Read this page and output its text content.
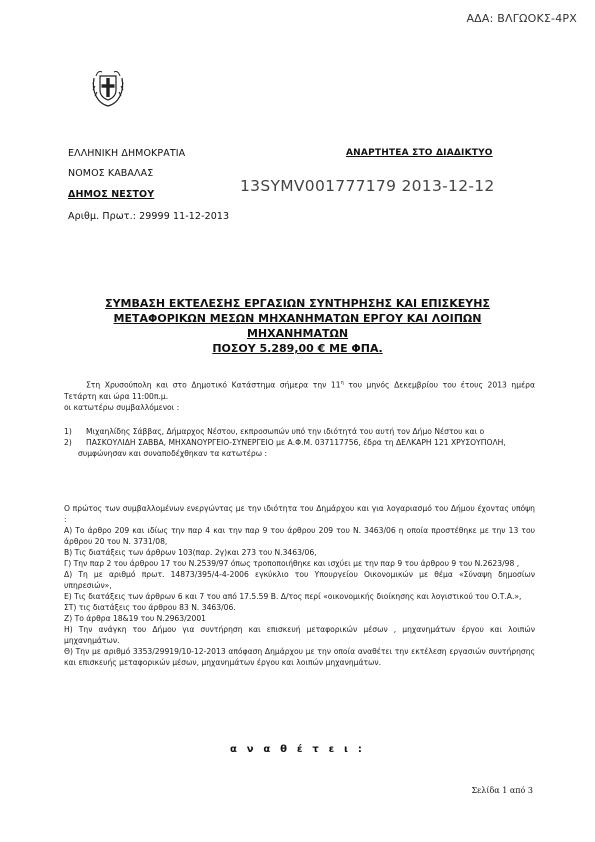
ΑΔΑ: ΒΛΓΩΟΚΣ-4ΡΧ
ΕΛΛΗΝΙΚΗ ΔΗΜΟΚΡΑΤΙΑ
ΝΟΜΟΣ ΚΑΒΑΛΑΣ
ΔΗΜΟΣ ΝΕΣΤΟΥ
Αριθμ. Πρωτ.: 29999 11-12-2013
ΑΝΑΡΤΗΤΕΑ ΣΤΟ ΔΙΑΔΙΚΤΥΟ
13SYMV001777179 2013-12-12
ΣΥΜΒΑΣΗ ΕΚΤΕΛΕΣΗΣ ΕΡΓΑΣΙΩΝ ΣΥΝΤΗΡΗΣΗΣ ΚΑΙ ΕΠΙΣΚΕΥΗΣ
ΜΕΤΑΦΟΡΙΚΩΝ ΜΕΣΩΝ ΜΗΧΑΝΗΜΑΤΩΝ ΕΡΓΟΥ ΚΑΙ ΛΟΙΠΩΝ
ΜΗΧΑΝΗΜΑΤΩΝ
ΠΟΣΟΥ 5.289,00 € ΜΕ ΦΠΑ.

Στη Χρυσούπολη και στο Δημοτικό Κατάστημα σήμερα την $11^\eta$ του μηνός Δεκεμβρίου του έτους 2013 ημέρα Τετάρτη και ώρα 11:00π.μ.

οι κατωτέρω συμβαλλόμενοι :

1)	Μιχαηλίδης Σάββας, Δήμαρχος Νέστου, εκπροσωπών υπό την ιδιότητά του αυτή τον Δήμο Νέστου και ο
2)	ΠΑΣΚΟΥΛΙΔΗ ΣΑΒΒΑ, ΜΗΧΑΝΟΥΡΓΕΙΟ-ΣΥΝΕΡΓΕΙΟ με Α.Φ.Μ. 037117756, έδρα τη ΔΕΛΚΑΡΗ 121 ΧΡΥΣΟΥΠΟΛΗ,
συμφώνησαν και συναποδέχθηκαν τα κατωτέρω :

Ο πρώτος των συμβαλλομένων ενεργώντας με την ιδιότητα του Δημάρχου και για λογαριασμό του Δήμου έχοντας υπόψη :

Α) Το άρθρο 209 και ιδίως την παρ 4 και την παρ 9 του άρθρου 209 του Ν. 3463/06 η οποία προστέθηκε με την 13 του άρθρου 20 του Ν. 3731/08,

Β) Τις διατάξεις των άρθρων 103(παρ. 2γ)και 273 του Ν.3463/06,

Γ) Την παρ 2 του άρθρου 17 του Ν.2539/97 όπως τροποποιήθηκε και ισχύει με την παρ 9 του άρθρου 9 του Ν.2623/98 ,

Δ) Τη με αριθμό πρωτ. 14873/395/4-4-2006 εγκύκλιο του Υπουργείου Οικονομικών με θέμα «Σύναψη δημοσίων υπηρεσιών»,

Ε) Τις διατάξεις των άρθρων 6 και 7 του από 17.5.59 Β. Δ/τος περί «οικονομικής διοίκησης και λογιστικού του Ο.Τ.Α.»,

ΣΤ) τις διατάξεις του άρθρου 83 Ν. 3463/06.

Ζ) Το άρθρα 18&19 του Ν.2963/2001

Η) Την ανάγκη του Δήμου για συντήρηση και επισκευή μεταφορικών μέσων , μηχανημάτων έργου και λοιπών μηχανημάτων.

Θ) Την με αριθμό 3353/29919/10-12-2013 απόφαση Δημάρχου με την οποία αναθέτει την εκτέλεση εργασιών συντήρησης και επισκευής μεταφορικών μέσων, μηχανημάτων έργου και λοιπών μηχανημάτων.

α ν α θ έ τ ε ι :
Σελίδα 1 από 3
